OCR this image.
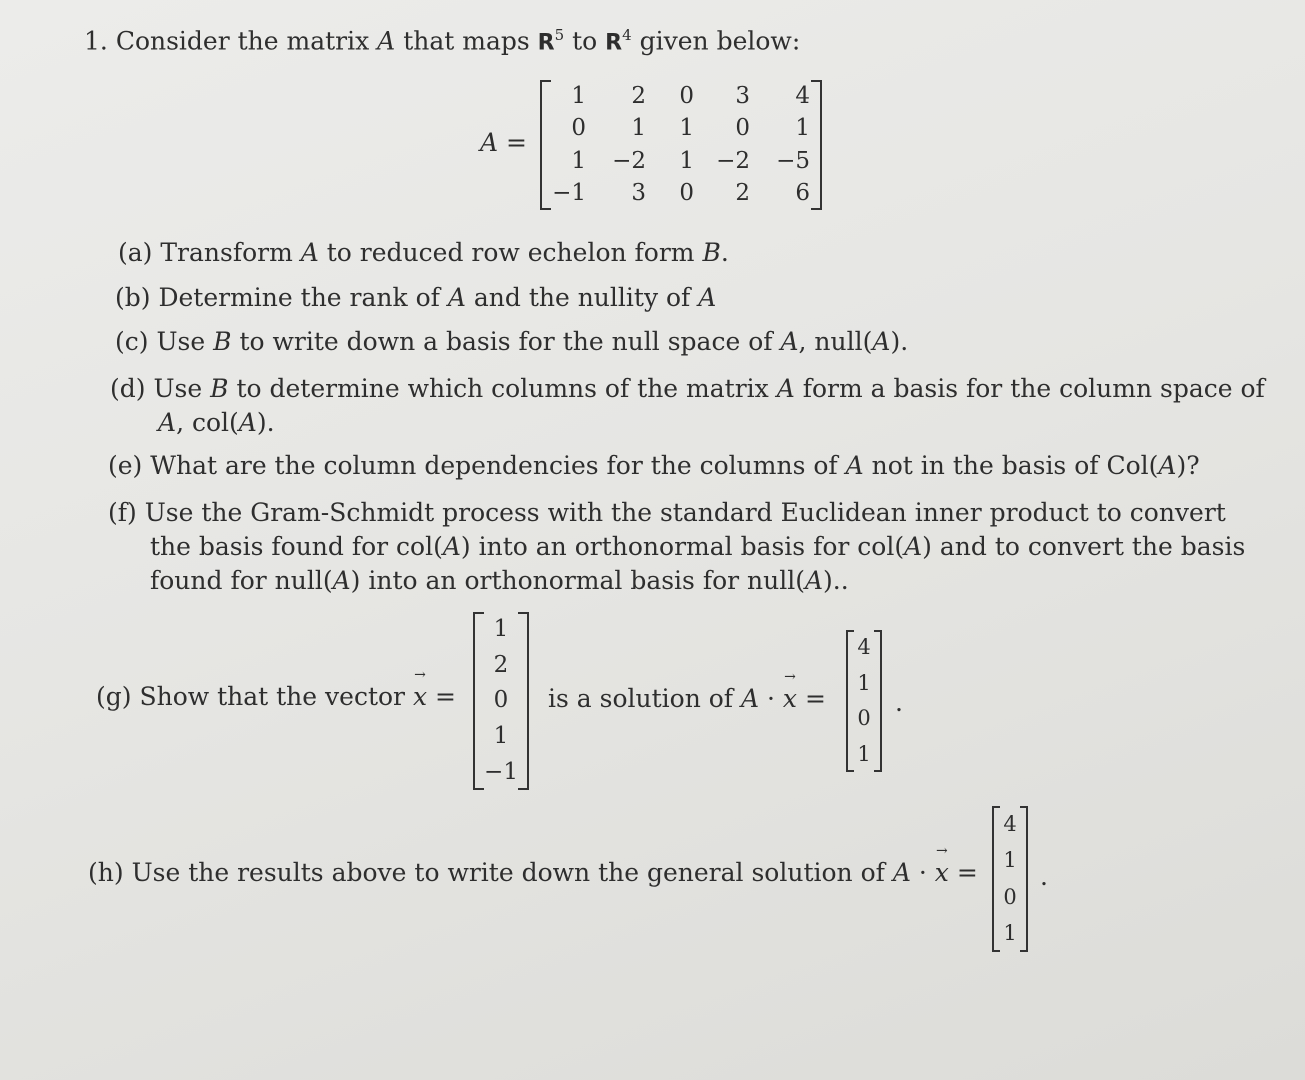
1. Consider the matrix A that maps $R^5$ to $R^4$ given below:
A =
1	2	0	3	4
0	1	1	0	1
1	−2	1	−2	−5
−1	3	0	2	6
(a) Transform A to reduced row echelon form B.
(b) Determine the rank of A and the nullity of A
(c) Use B to write down a basis for the null space of A, null(A).
(d) Use B to determine which columns of the matrix A form a basis for the column space of
A, col(A).
(e) What are the column dependencies for the columns of A not in the basis of Col(A)?
(f) Use the Gram-Schmidt process with the standard Euclidean inner product to convert
the basis found for col(A) into an orthonormal basis for col(A) and to convert the basis
found for null(A) into an orthonormal basis for null(A)..
(g) Show that the vector → x =
1
2
0
1
−1
is a solution of A · → x =
4
1
0
1
.
(h) Use the results above to write down the general solution of A · → x =
4
1
0
1
.
